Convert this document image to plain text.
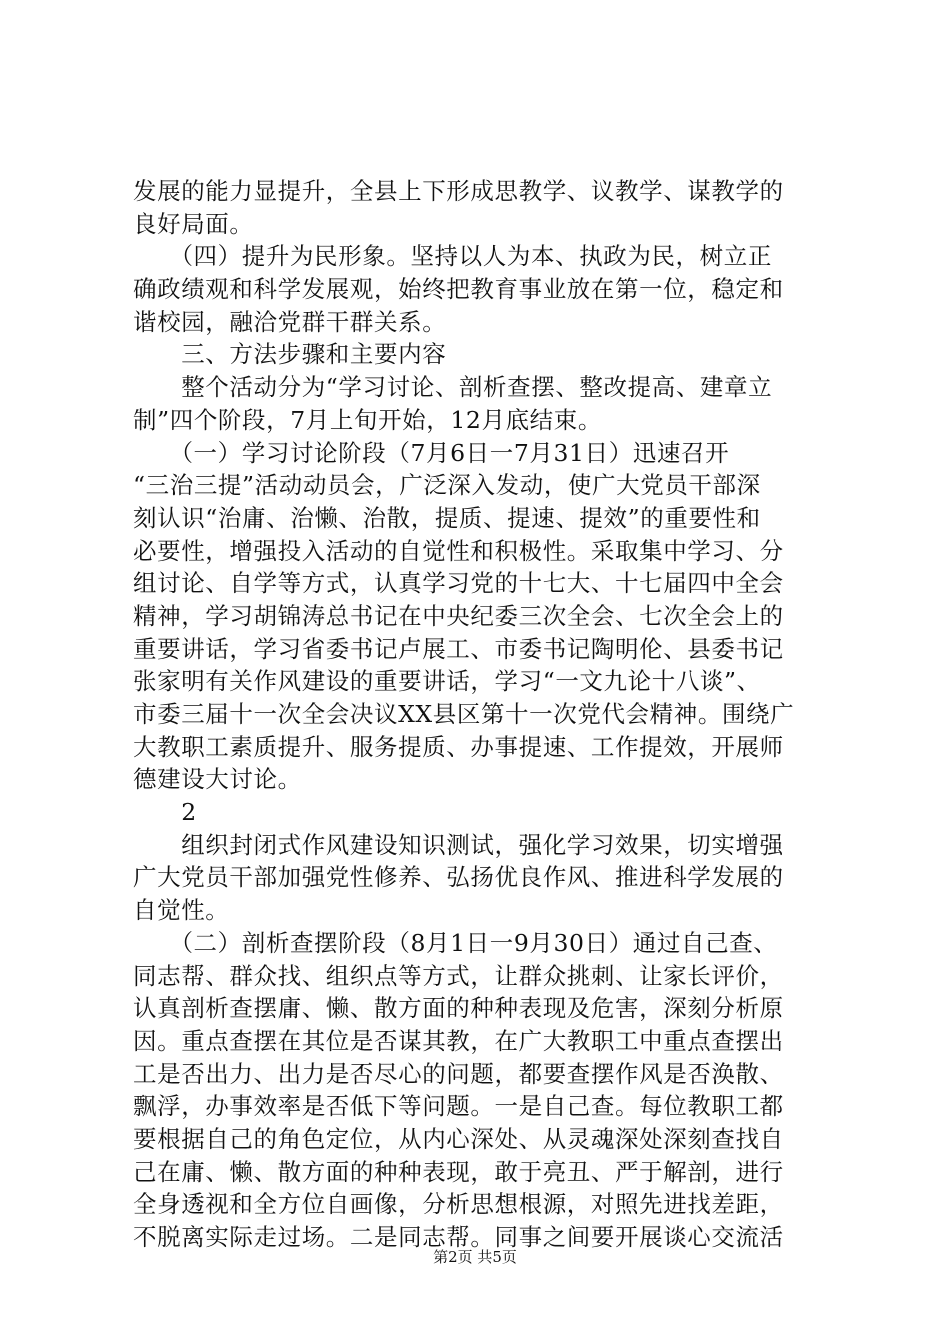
发展的能力显提升，全县上下形成思教学、议教学、谋教学的
良好局面。
　　（四）提升为民形象。坚持以人为本、执政为民，树立正
确政绩观和科学发展观，始终把教育事业放在第一位，稳定和
谐校园，融洽党群干群关系。
　　三、方法步骤和主要内容
　　整个活动分为“学习讨论、剖析查摆、整改提高、建章立
制”四个阶段，7月上旬开始，12月底结束。
　　（一）学习讨论阶段（7月6日一7月31日）迅速召开
“三治三提”活动动员会，广泛深入发动，使广大党员干部深
刻认识“治庸、治懒、治散，提质、提速、提效”的重要性和
必要性，增强投入活动的自觉性和积极性。采取集中学习、分
组讨论、自学等方式，认真学习党的十七大、十七届四中全会
精神，学习胡锦涛总书记在中央纪委三次全会、七次全会上的
重要讲话，学习省委书记卢展工、市委书记陶明伦、县委书记
张家明有关作风建设的重要讲话，学习“一文九论十八谈”、
市委三届十一次全会决议XX县区第十一次党代会精神。围绕广
大教职工素质提升、服务提质、办事提速、工作提效，开展师
德建设大讨论。
　　2
　　组织封闭式作风建设知识测试，强化学习效果，切实增强
广大党员干部加强党性修养、弘扬优良作风、推进科学发展的
自觉性。
　　（二）剖析查摆阶段（8月1日一9月30日）通过自己查、
同志帮、群众找、组织点等方式，让群众挑刺、让家长评价，
认真剖析查摆庸、懒、散方面的种种表现及危害，深刻分析原
因。重点查摆在其位是否谋其教，在广大教职工中重点查摆出
工是否出力、出力是否尽心的问题，都要查摆作风是否涣散、
飘浮，办事效率是否低下等问题。一是自己查。每位教职工都
要根据自己的角色定位，从内心深处、从灵魂深处深刻查找自
己在庸、懒、散方面的种种表现，敢于亮丑、严于解剖，进行
全身透视和全方位自画像，分析思想根源，对照先进找差距，
不脱离实际走过场。二是同志帮。同事之间要开展谈心交流活
第2页 共5页
